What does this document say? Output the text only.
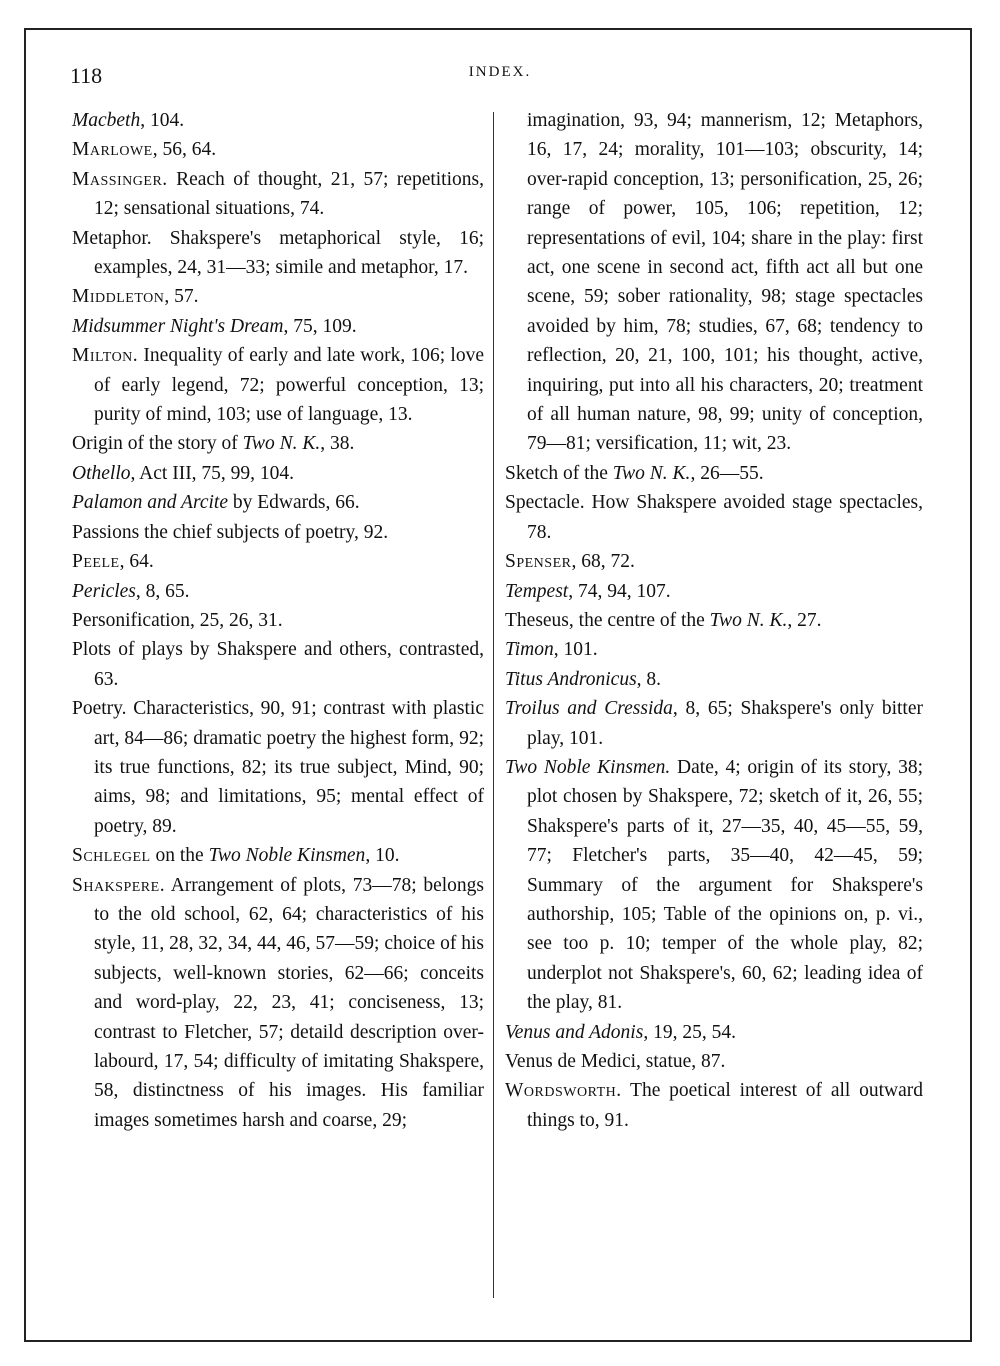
118	INDEX.
Macbeth, 104.
Marlowe, 56, 64.
Massinger. Reach of thought, 21, 57; repetitions, 12; sensational situations, 74.
Metaphor. Shakspere's metaphorical style, 16; examples, 24, 31—33; simile and metaphor, 17.
Middleton, 57.
Midsummer Night's Dream, 75, 109.
Milton. Inequality of early and late work, 106; love of early legend, 72; powerful conception, 13; purity of mind, 103; use of language, 13.
Origin of the story of Two N. K., 38.
Othello, Act III, 75, 99, 104.
Palamon and Arcite by Edwards, 66.
Passions the chief subjects of poetry, 92.
Peele, 64.
Pericles, 8, 65.
Personification, 25, 26, 31.
Plots of plays by Shakspere and others, contrasted, 63.
Poetry. Characteristics, 90, 91; contrast with plastic art, 84—86; dramatic poetry the highest form, 92; its true functions, 82; its true subject, Mind, 90; aims, 98; and limitations, 95; mental effect of poetry, 89.
Schlegel on the Two Noble Kinsmen, 10.
Shakspere. Arrangement of plots, 73—78; belongs to the old school, 62, 64; characteristics of his style, 11, 28, 32, 34, 44, 46, 57—59; choice of his subjects, well-known stories, 62—66; conceits and word-play, 22, 23, 41; conciseness, 13; contrast to Fletcher, 57; detaild description over-labourd, 17, 54; difficulty of imitating Shakspere, 58, distinctness of his images. His familiar images sometimes harsh and coarse, 29;
imagination, 93, 94; mannerism, 12; Metaphors, 16, 17, 24; morality, 101—103; obscurity, 14; over-rapid conception, 13; personification, 25, 26; range of power, 105, 106; repetition, 12; representations of evil, 104; share in the play: first act, one scene in second act, fifth act all but one scene, 59; sober rationality, 98; stage spectacles avoided by him, 78; studies, 67, 68; tendency to reflection, 20, 21, 100, 101; his thought, active, inquiring, put into all his characters, 20; treatment of all human nature, 98, 99; unity of conception, 79—81; versification, 11; wit, 23.
Sketch of the Two N. K., 26—55.
Spectacle. How Shakspere avoided stage spectacles, 78.
Spenser, 68, 72.
Tempest, 74, 94, 107.
Theseus, the centre of the Two N. K., 27.
Timon, 101.
Titus Andronicus, 8.
Troilus and Cressida, 8, 65; Shakspere's only bitter play, 101.
Two Noble Kinsmen. Date, 4; origin of its story, 38; plot chosen by Shakspere, 72; sketch of it, 26, 55; Shakspere's parts of it, 27—35, 40, 45—55, 59, 77; Fletcher's parts, 35—40, 42—45, 59; Summary of the argument for Shakspere's authorship, 105; Table of the opinions on, p. vi., see too p. 10; temper of the whole play, 82; underplot not Shakspere's, 60, 62; leading idea of the play, 81.
Venus and Adonis, 19, 25, 54.
Venus de Medici, statue, 87.
Wordsworth. The poetical interest of all outward things to, 91.
